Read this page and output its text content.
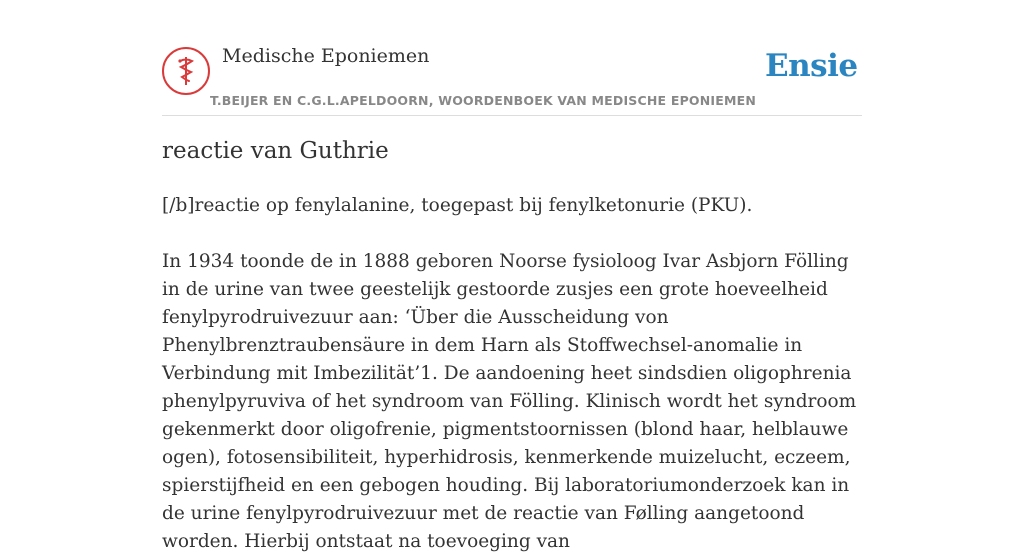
Medische Eponiemen
T.BEIJER EN C.G.L.APELDOORN, WOORDENBOEK VAN MEDISCHE EPONIEMEN
Ensie
reactie van Guthrie

[/b]reactie op fenylalanine, toegepast bij fenylketonurie (PKU).

In 1934 toonde de in 1888 geboren Noorse fysioloog Ivar Asbjorn Fölling in de urine van twee geestelijk gestoorde zusjes een grote hoeveelheid fenylpyrodruivezuur aan: ‘Über die Ausscheidung von Phenylbrenztraubensäure in dem Harn als Stoffwechsel-anomalie in Verbindung mit Imbezilität’1. De aandoening heet sindsdien oligophrenia phenylpyruviva of het syndroom van Fölling. Klinisch wordt het syndroom gekenmerkt door oligofrenie, pigmentstoornissen (blond haar, helblauwe ogen), fotosensibiliteit, hyperhidrosis, kenmerkende muizelucht, eczeem, spierstijfheid en een gebogen houding. Bij laboratoriumonderzoek kan in de urine fenylpyrodruivezuur met de reactie van Følling aangetoond worden. Hierbij ontstaat na toevoeging van
